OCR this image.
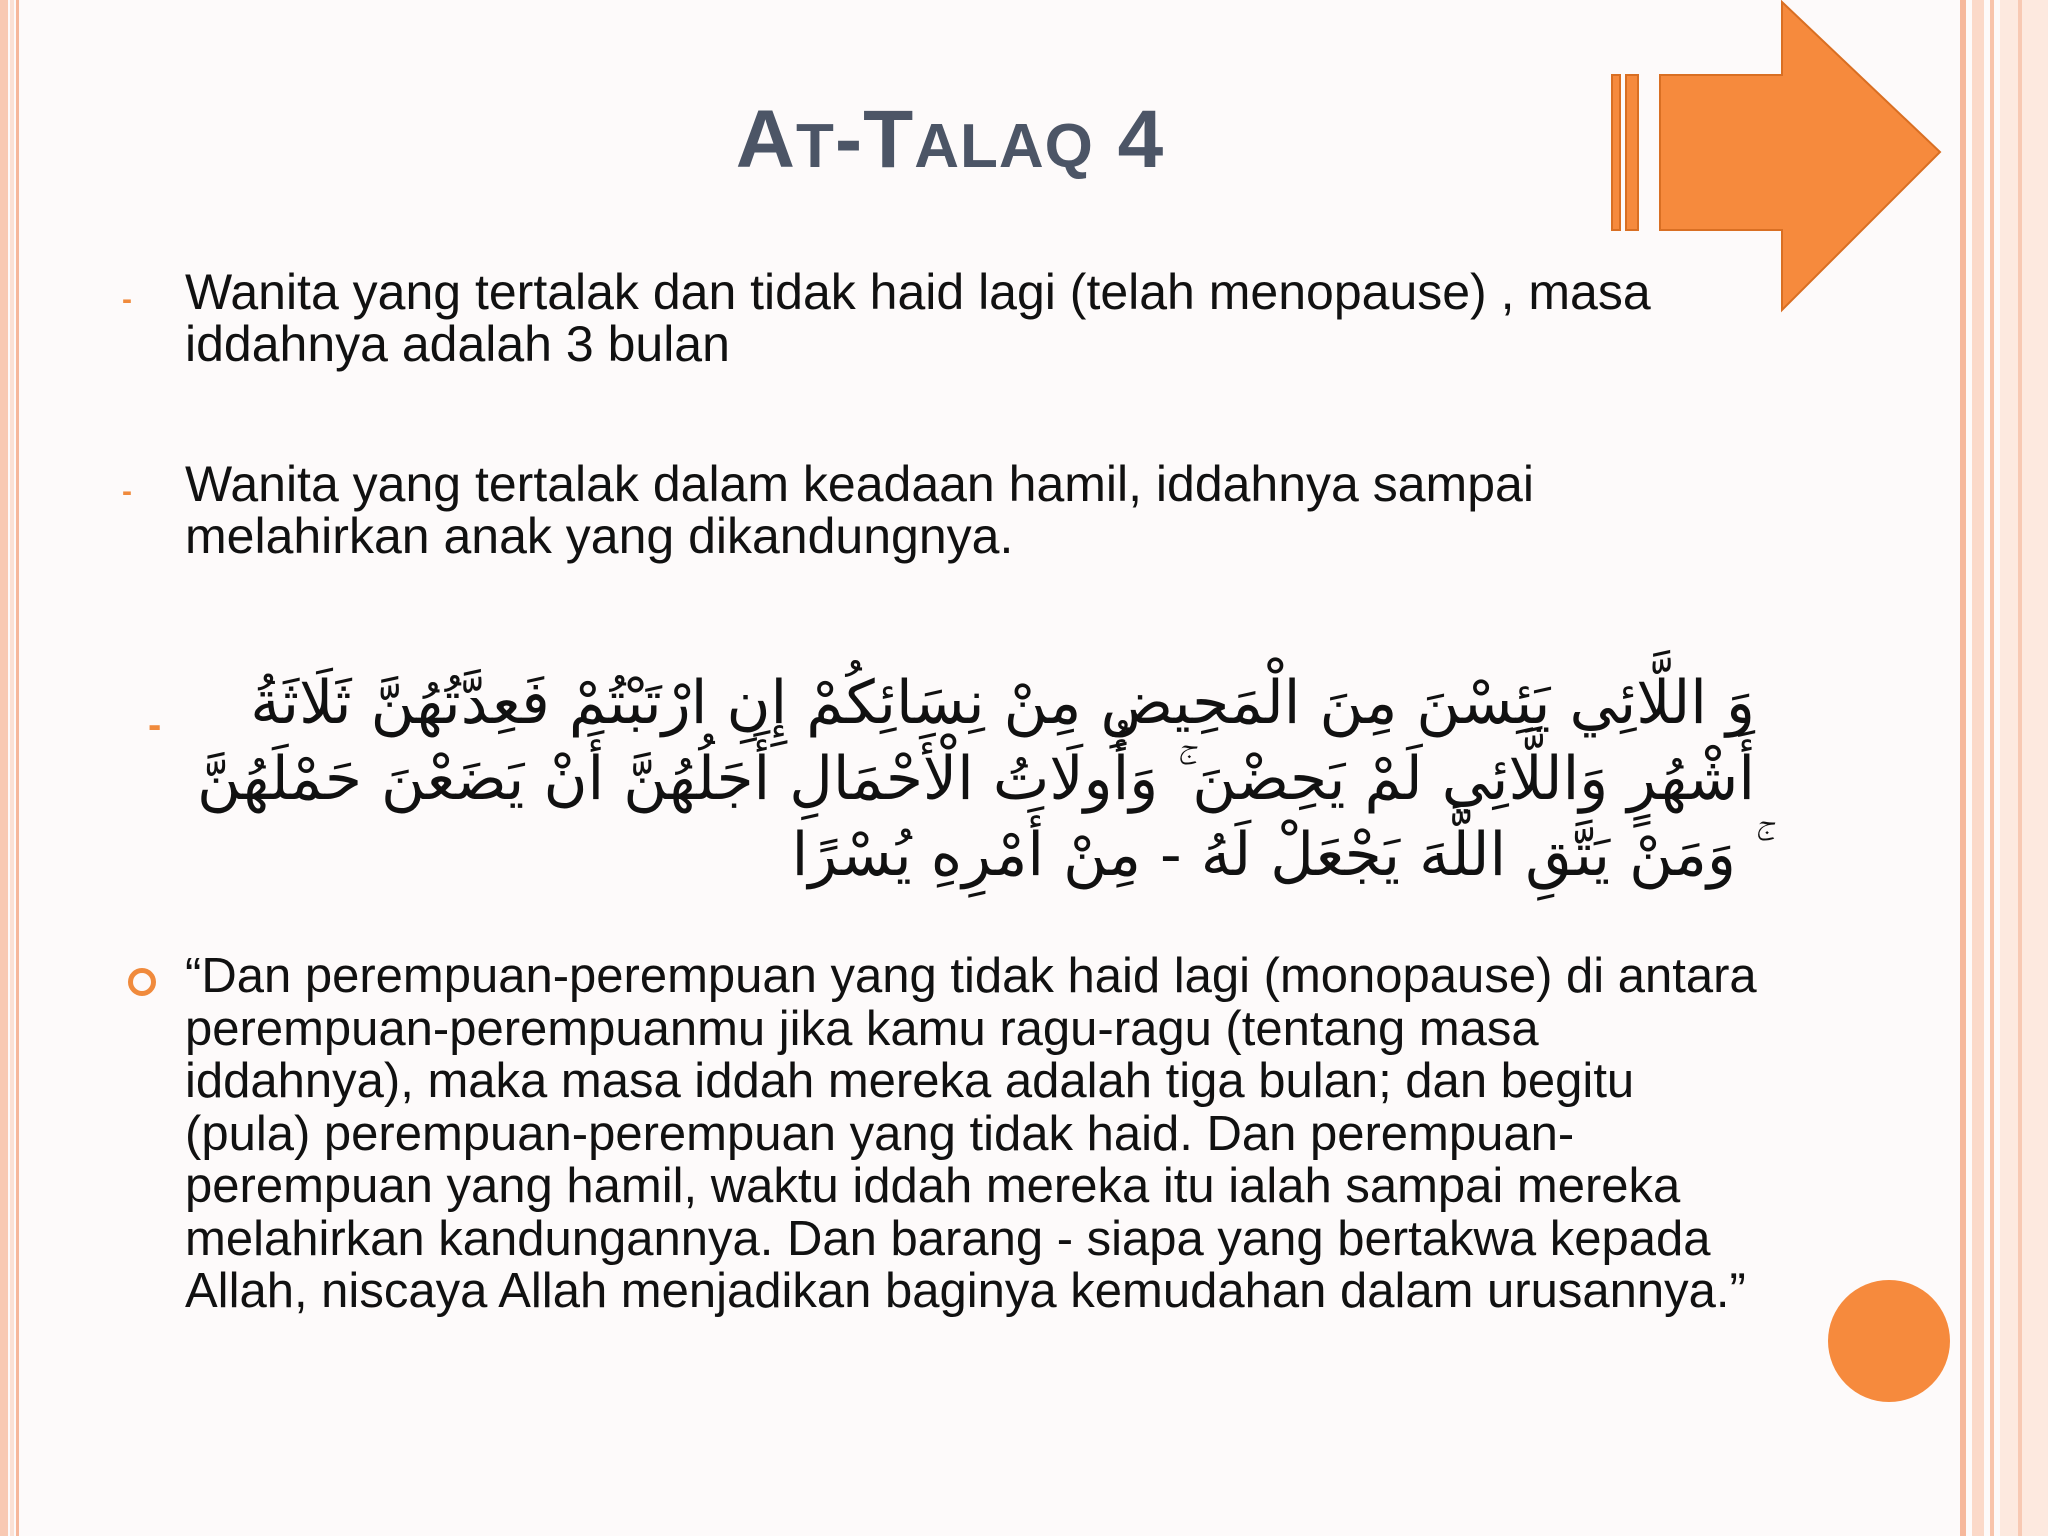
AT-TALAQ 4
- Wanita yang tertalak dan tidak haid lagi (telah menopause) , masa iddahnya adalah 3 bulan
- Wanita yang tertalak dalam keadaan hamil, iddahnya sampai melahirkan anak yang dikandungnya.
-	وَ اللَّائِي يَئِسْنَ مِنَ الْمَحِيضِ مِنْ نِسَائِكُمْ إِنِ ارْتَبْتُمْ فَعِدَّتُهُنَّ ثَلَاثَةُ أَشْهُرٍ وَاللَّائِي لَمْ يَحِضْنَ ۚ وَأُولَاتُ الْأَحْمَالِ أَجَلُهُنَّ أَنْ يَضَعْنَ حَمْلَهُنَّ ۚ وَمَنْ يَتَّقِ اللَّهَ يَجْعَلْ لَهُ - مِنْ أَمْرِهِ يُسْرًا
“Dan perempuan-perempuan yang tidak haid lagi (monopause) di antara perempuan-perempuanmu jika kamu ragu-ragu (tentang masa iddahnya), maka masa iddah mereka adalah tiga bulan; dan begitu (pula) perempuan-perempuan yang tidak haid. Dan perempuan-perempuan yang hamil, waktu iddah mereka itu ialah sampai mereka melahirkan kandungannya. Dan barang - siapa yang bertakwa kepada Allah, niscaya Allah menjadikan baginya kemudahan dalam urusannya.”
